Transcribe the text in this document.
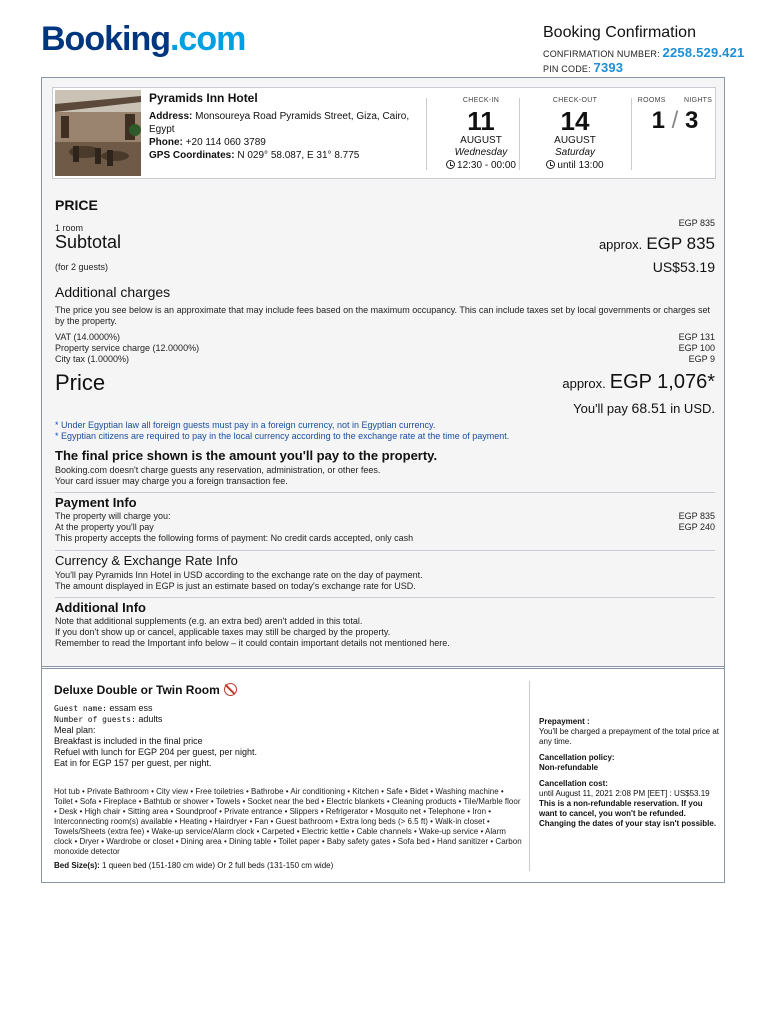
Booking.com	Booking Confirmation
CONFIRMATION NUMBER: 2258.529.421
PIN CODE: 7393
Pyramids Inn Hotel
Address: Monsoureya Road Pyramids Street, Giza, Cairo, Egypt
Phone: +20 114 060 3789
GPS Coordinates: N 029° 58.087, E 31° 8.775
CHECK-IN
11
AUGUST
Wednesday
12:30 - 00:00
CHECK-OUT
14
AUGUST
Saturday
until 13:00
ROOMS	NIGHTS
1 / 3
PRICE
1 room	EGP 835
Subtotal	approx. EGP 835
(for 2 guests)	US$53.19
Additional charges
The price you see below is an approximate that may include fees based on the maximum occupancy. This can include taxes set by local governments or charges set by the property.
VAT (14.0000%)	EGP 131
Property service charge (12.0000%)	EGP 100
City tax (1.0000%)	EGP 9
Price	approx. EGP 1,076*
You'll pay 68.51 in USD.
* Under Egyptian law all foreign guests must pay in a foreign currency, not in Egyptian currency.
* Egyptian citizens are required to pay in the local currency according to the exchange rate at the time of payment.
The final price shown is the amount you'll pay to the property.
Booking.com doesn't charge guests any reservation, administration, or other fees.
Your card issuer may charge you a foreign transaction fee.
Payment Info
The property will charge you:	EGP 835
At the property you'll pay	EGP 240
This property accepts the following forms of payment: No credit cards accepted, only cash
Currency & Exchange Rate Info
You'll pay Pyramids Inn Hotel in USD according to the exchange rate on the day of payment.
The amount displayed in EGP is just an estimate based on today's exchange rate for USD.
Additional Info
Note that additional supplements (e.g. an extra bed) aren't added in this total.
If you don't show up or cancel, applicable taxes may still be charged by the property.
Remember to read the Important info below – it could contain important details not mentioned here.
Deluxe Double or Twin Room
Guest name: essam ess
Number of guests: adults
Meal plan:
Breakfast is included in the final price
Refuel with lunch for EGP 204 per guest, per night.
Eat in for EGP 157 per guest, per night.
Hot tub • Private Bathroom • City view • Free toiletries • Bathrobe • Air conditioning • Kitchen • Safe • Bidet • Washing machine • Toilet • Sofa • Fireplace • Bathtub or shower • Towels • Socket near the bed • Electric blankets • Cleaning products • Tile/Marble floor • Desk • High chair • Sitting area • Soundproof • Private entrance • Slippers • Refrigerator • Mosquito net • Telephone • Iron • Interconnecting room(s) available • Heating • Hairdryer • Fan • Guest bathroom • Extra long beds (> 6.5 ft) • Walk-in closet • Towels/Sheets (extra fee) • Wake-up service/Alarm clock • Carpeted • Electric kettle • Cable channels • Wake-up service • Alarm clock • Dryer • Wardrobe or closet • Dining area • Dining table • Toilet paper • Baby safety gates • Sofa bed • Hand sanitizer • Carbon monoxide detector
Bed Size(s): 1 queen bed (151-180 cm wide) Or 2 full beds (131-150 cm wide)
Prepayment :
You'll be charged a prepayment of the total price at any time.
Cancellation policy:
Non-refundable
Cancellation cost:
until August 11, 2021 2:08 PM [EET] : US$53.19
This is a non-refundable reservation. If you want to cancel, you won't be refunded.
Changing the dates of your stay isn't possible.
